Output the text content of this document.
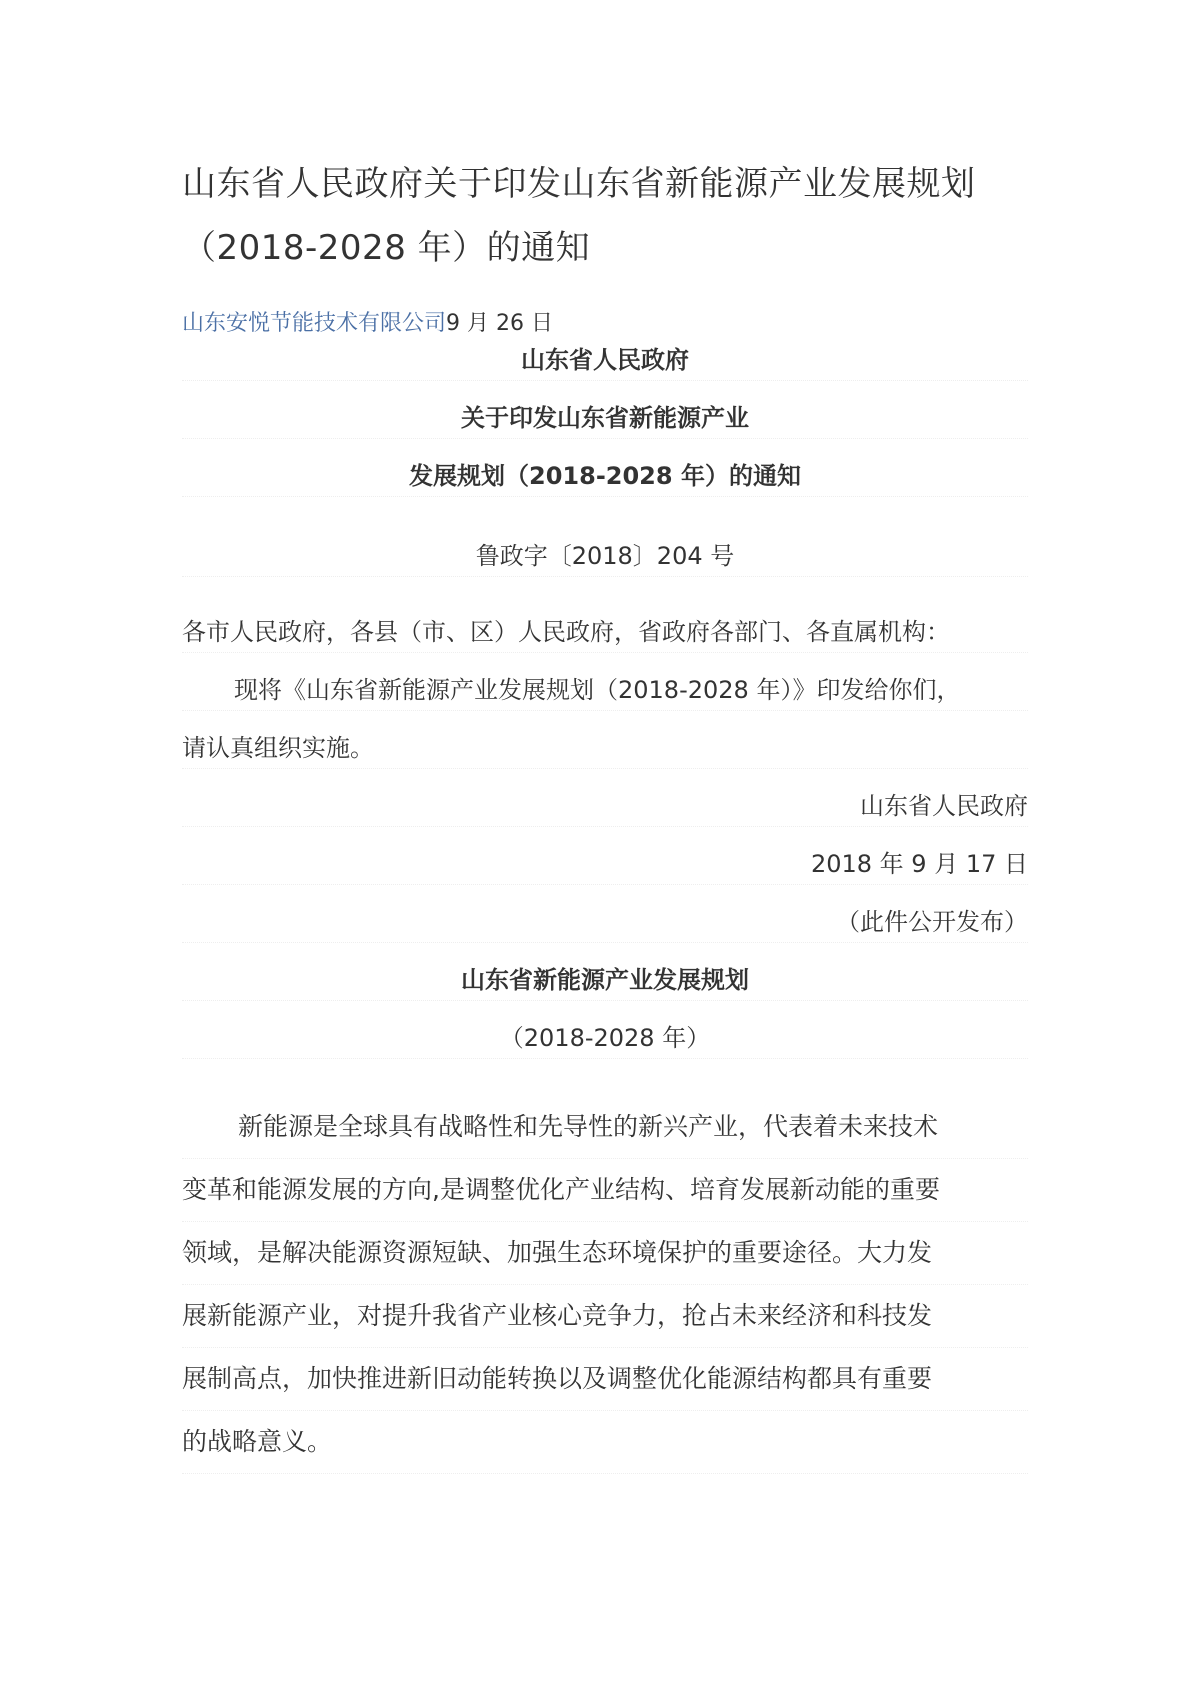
山东省人民政府关于印发山东省新能源产业发展规划
（2018-2028 年）的通知
山东安悦节能技术有限公司9 月 26 日
山东省人民政府
关于印发山东省新能源产业
发展规划（2018-2028 年）的通知
鲁政字〔2018〕204 号
各市人民政府，各县（市、区）人民政府，省政府各部门、各直属机构：
现将《山东省新能源产业发展规划（2018-2028 年）》印发给你们，
请认真组织实施。
山东省人民政府
2018 年 9 月 17 日
（此件公开发布）
山东省新能源产业发展规划
（2018-2028 年）
新能源是全球具有战略性和先导性的新兴产业，代表着未来技术
变革和能源发展的方向,是调整优化产业结构、培育发展新动能的重要
领域，是解决能源资源短缺、加强生态环境保护的重要途径。大力发
展新能源产业，对提升我省产业核心竞争力，抢占未来经济和科技发
展制高点，加快推进新旧动能转换以及调整优化能源结构都具有重要
的战略意义。
